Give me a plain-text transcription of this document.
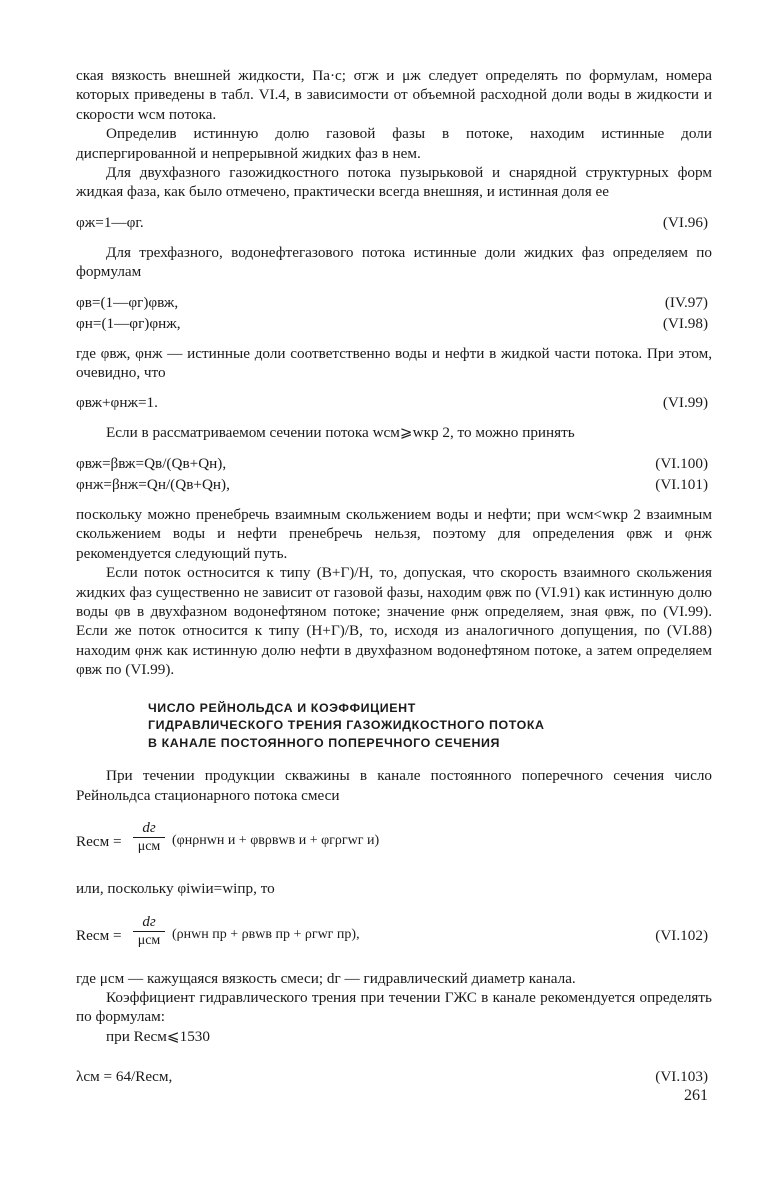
ская вязкость внешней жидкости, Па·с; σгж и μж следует определять по формулам, номера которых приведены в табл. VI.4, в зависимости от объемной расходной доли воды в жидкости и скорости wсм потока.

Определив истинную долю газовой фазы в потоке, находим истинные доли диспергированной и непрерывной жидких фаз в нем.

Для двухфазного газожидкостного потока пузырьковой и снарядной структурных форм жидкая фаза, как было отмечено, практически всегда внешняя, и истинная доля ее

φж=1—φг.	(VI.96)

Для трехфазного, водонефтегазового потока истинные доли жидких фаз определяем по формулам

φв=(1—φг)φвж,	(IV.97)
φн=(1—φг)φнж,	(VI.98)

где φвж, φнж — истинные доли соответственно воды и нефти в жидкой части потока. При этом, очевидно, что

φвж+φнж=1.	(VI.99)

Если в рассматриваемом сечении потока wсм⩾wкр 2, то можно принять

φвж=βвж=Qв/(Qв+Qн),	(VI.100)
φнж=βнж=Qн/(Qв+Qн),	(VI.101)

поскольку можно пренебречь взаимным скольжением воды и нефти; при wсм<wкр 2 взаимным скольжением воды и нефти пренебречь нельзя, поэтому для определения φвж и φнж рекомендуется следующий путь.

Если поток остносится к типу (В+Г)/Н, то, допуская, что скорость взаимного скольжения жидких фаз существенно не зависит от газовой фазы, находим φвж по (VI.91) как истинную долю воды φв в двухфазном водонефтяном потоке; значение φнж определяем, зная φвж, по (VI.99). Если же поток относится к типу (Н+Г)/В, то, исходя из аналогичного допущения, по (VI.88) находим φнж как истинную долю нефти в двухфазном водонефтяном потоке, а затем определяем φвж по (VI.99).

ЧИСЛО РЕЙНОЛЬДСА И КОЭФФИЦИЕНТ
ГИДРАВЛИЧЕСКОГО ТРЕНИЯ ГАЗОЖИДКОСТНОГО ПОТОКА
В КАНАЛЕ ПОСТОЯННОГО ПОПЕРЕЧНОГО СЕЧЕНИЯ

При течении продукции скважины в канале постоянного поперечного сечения число Рейнольдса стационарного потока смеси

Reсм =
dг
μсм (φнρнwн и + φвρвwв и + φгρгwг и)

или, поскольку φiwiи=wiпр, то

Reсм =
dг
μсм (ρнwн пр + ρвwв пр + ρгwг пр),	(VI.102)

где μсм — кажущаяся вязкость смеси; dг — гидравлический диаметр канала.

Коэффициент гидравлического трения при течении ГЖС в канале рекомендуется определять по формулам:

при Reсм⩽1530

λсм = 64/Reсм,	(VI.103)
261
